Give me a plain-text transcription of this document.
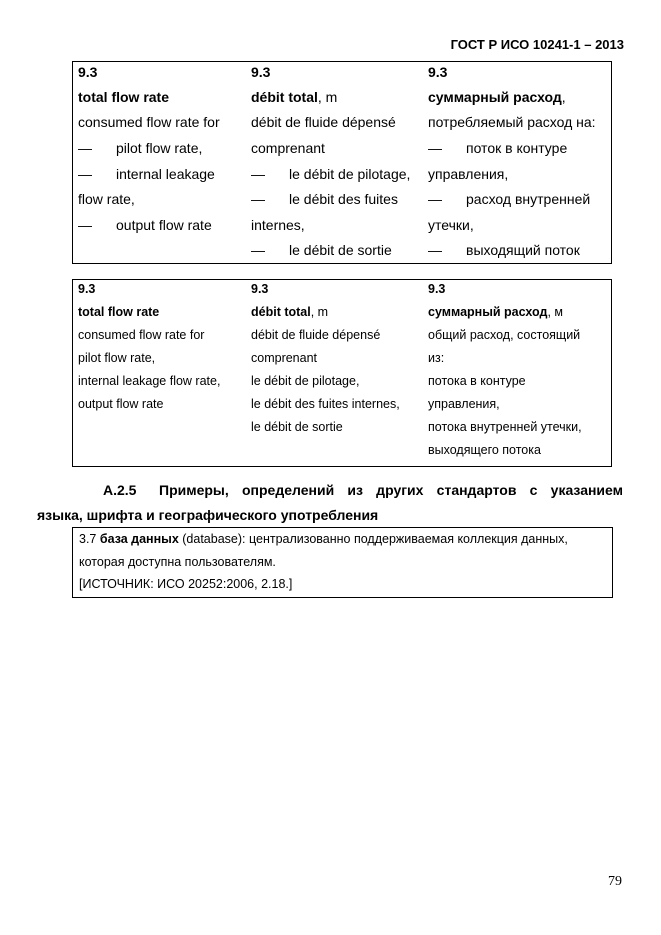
ГОСТ Р ИСО 10241-1 – 2013
9.3
total flow rate
consumed flow rate for
— pilot flow rate,
— internal leakage
flow rate,
— output flow rate
9.3
débit total, m
débit de fluide dépensé
comprenant
— le débit de pilotage,
— le débit des fuites
internes,
— le débit de sortie
9.3
суммарный расход,
потребляемый расход на:
— поток в контуре
управления,
— расход внутренней
утечки,
— выходящий поток
9.3
total flow rate
consumed flow rate for
pilot flow rate,
internal leakage flow rate,
output flow rate
9.3
débit total, m
débit de fluide dépensé
comprenant
le débit de pilotage,
le débit des fuites internes,
le débit de sortie
9.3
суммарный расход, м
общий расход, состоящий
из:
потока в контуре
управления,
потока внутренней утечки,
выходящего потока
А.2.5 Примеры, определений из других стандартов с указанием
языка, шрифта и географического употребления
3.7 база данных (database): централизованно поддерживаемая коллекция данных,
которая доступна пользователям.
[ИСТОЧНИК: ИСО 20252:2006, 2.18.]
79
